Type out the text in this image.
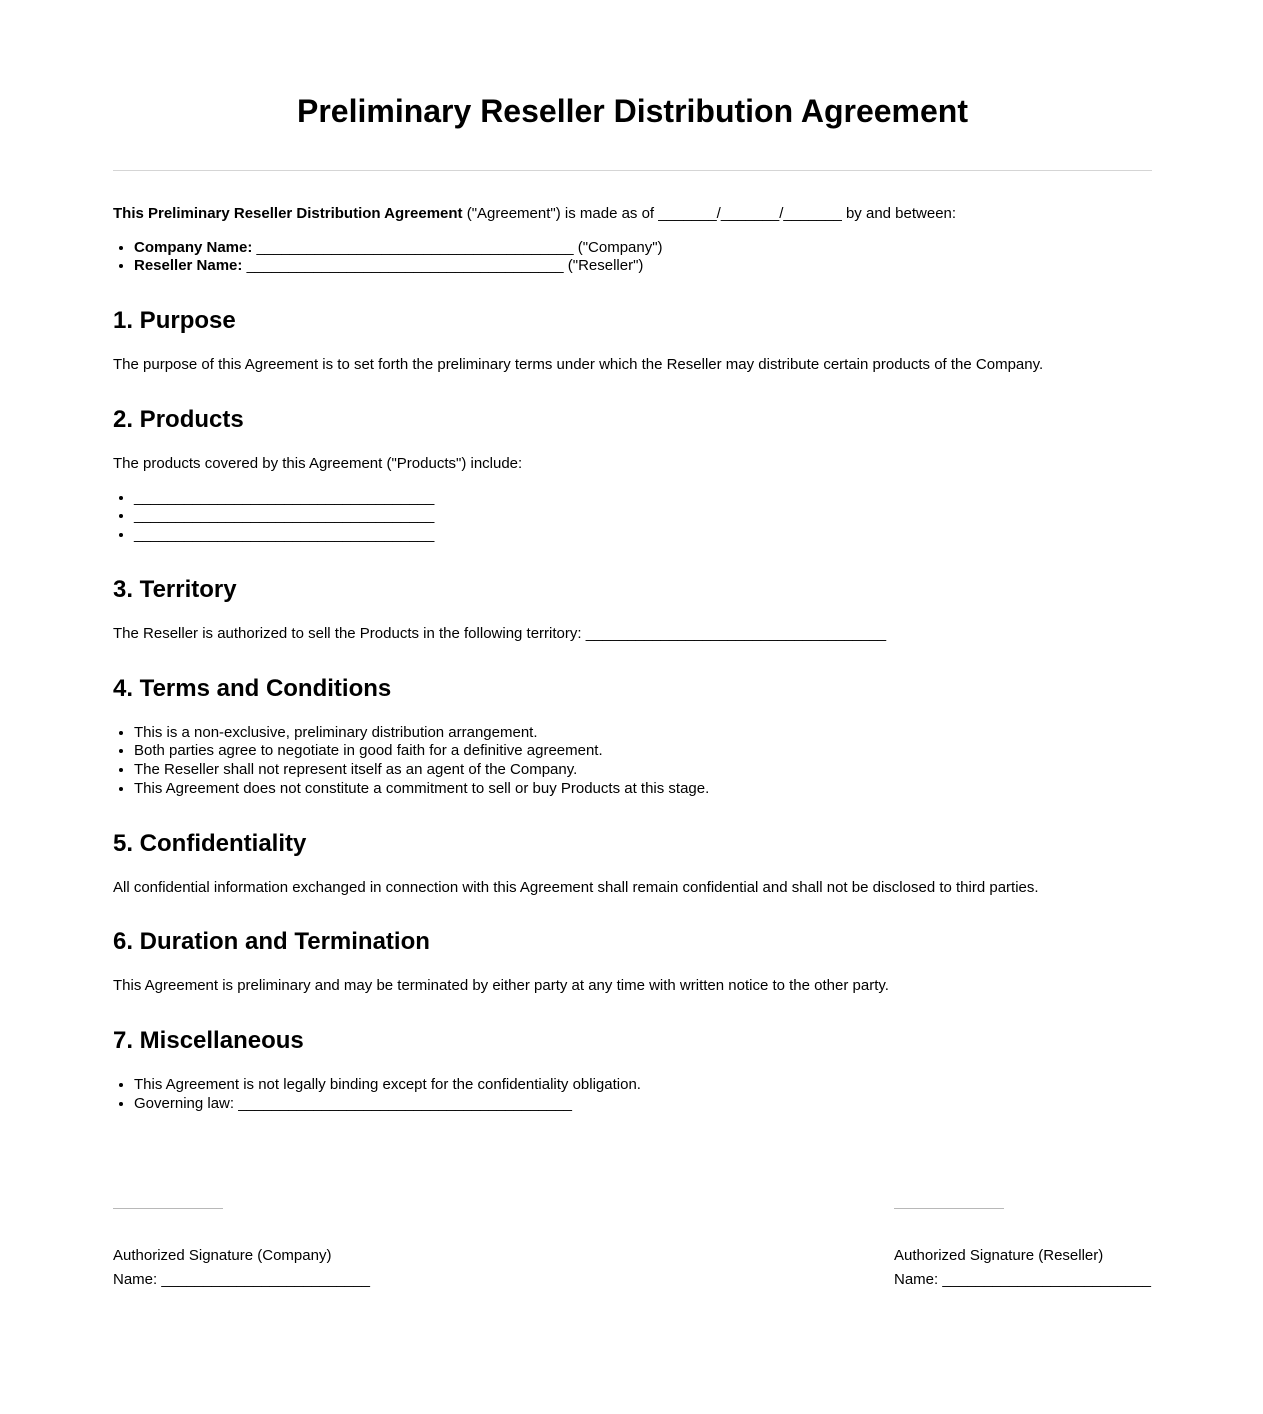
Preliminary Reseller Distribution Agreement

This Preliminary Reseller Distribution Agreement ("Agreement") is made as of _______/_______/_______ by and between:

• Company Name: ______________________________________ ("Company")
• Reseller Name: ______________________________________ ("Reseller")
1. Purpose

The purpose of this Agreement is to set forth the preliminary terms under which the Reseller may distribute certain products of the Company.

2. Products

The products covered by this Agreement ("Products") include:

• ____________________________________
• ____________________________________
• ____________________________________
3. Territory

The Reseller is authorized to sell the Products in the following territory: ____________________________________

4. Terms and Conditions
• This is a non-exclusive, preliminary distribution arrangement.
• Both parties agree to negotiate in good faith for a definitive agreement.
• The Reseller shall not represent itself as an agent of the Company.
• This Agreement does not constitute a commitment to sell or buy Products at this stage.
5. Confidentiality

All confidential information exchanged in connection with this Agreement shall remain confidential and shall not be disclosed to third parties.

6. Duration and Termination

This Agreement is preliminary and may be terminated by either party at any time with written notice to the other party.

7. Miscellaneous
• This Agreement is not legally binding except for the confidentiality obligation.
• Governing law: ________________________________________

Authorized Signature (Company)

Name: _________________________

Authorized Signature (Reseller)

Name: _________________________
